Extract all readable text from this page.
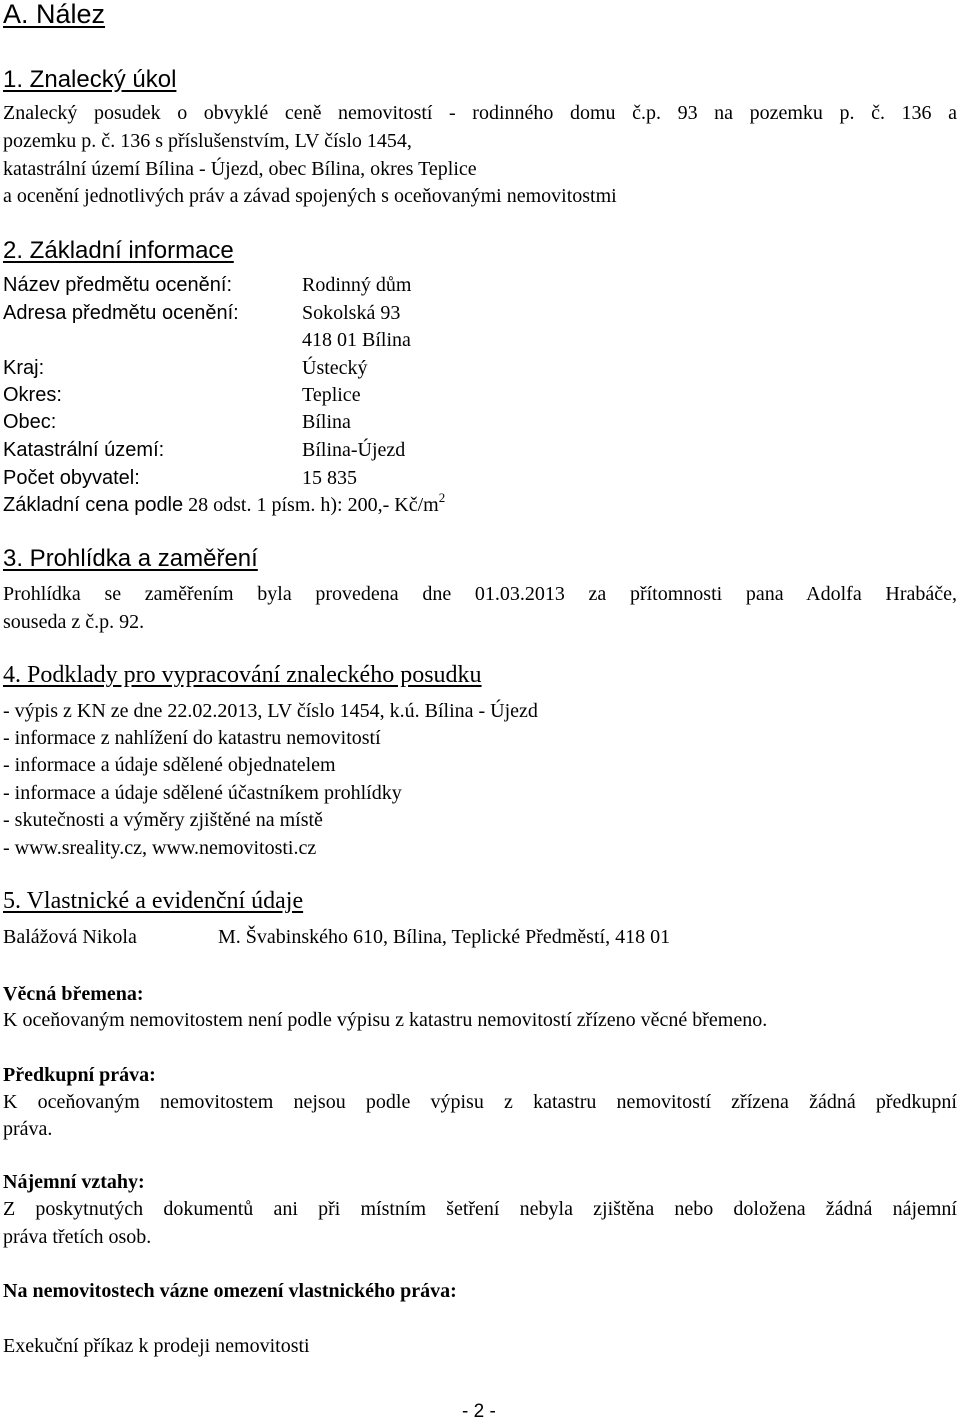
A. Nález
1. Znalecký úkol
Znalecký posudek o obvyklé ceně nemovitostí - rodinného domu č.p. 93 na pozemku p. č. 136 a
pozemku p. č. 136 s příslušenstvím, LV číslo 1454,
katastrální území Bílina - Újezd, obec Bílina, okres Teplice
a ocenění jednotlivých práv a závad spojených s oceňovanými nemovitostmi
2. Základní informace
Název předmětu ocenění:	Rodinný dům
Adresa předmětu ocenění:	Sokolská 93
418 01 Bílina
Kraj:	Ústecký
Okres:	Teplice
Obec:	Bílina
Katastrální území:	Bílina-Újezd
Počet obyvatel:	15 835
Základní cena podle 28 odst. 1 písm. h): 200,- $Kč/m^2$
3. Prohlídka a zaměření
Prohlídka se zaměřením byla provedena dne 01.03.2013 za přítomnosti pana Adolfa Hrabáče,
souseda z č.p. 92.
4. Podklady pro vypracování znaleckého posudku
- výpis z KN ze dne 22.02.2013, LV číslo 1454, k.ú. Bílina - Újezd
- informace z nahlížení do katastru nemovitostí
- informace a údaje sdělené objednatelem
- informace a údaje sdělené účastníkem prohlídky
- skutečnosti a výměry zjištěné na místě
- www.sreality.cz, www.nemovitosti.cz
5. Vlastnické a evidenční údaje
Balážová Nikola	M. Švabinského 610, Bílina, Teplické Předměstí, 418 01
Věcná břemena:
K oceňovaným nemovitostem není podle výpisu z katastru nemovitostí zřízeno věcné břemeno.
Předkupní práva:
K oceňovaným nemovitostem nejsou podle výpisu z katastru nemovitostí zřízena žádná předkupní
práva.
Nájemní vztahy:
Z poskytnutých dokumentů ani při místním šetření nebyla zjištěna nebo doložena žádná nájemní
práva třetích osob.
Na nemovitostech vázne omezení vlastnického práva:
Exekuční příkaz k prodeji nemovitosti
- 2 -
